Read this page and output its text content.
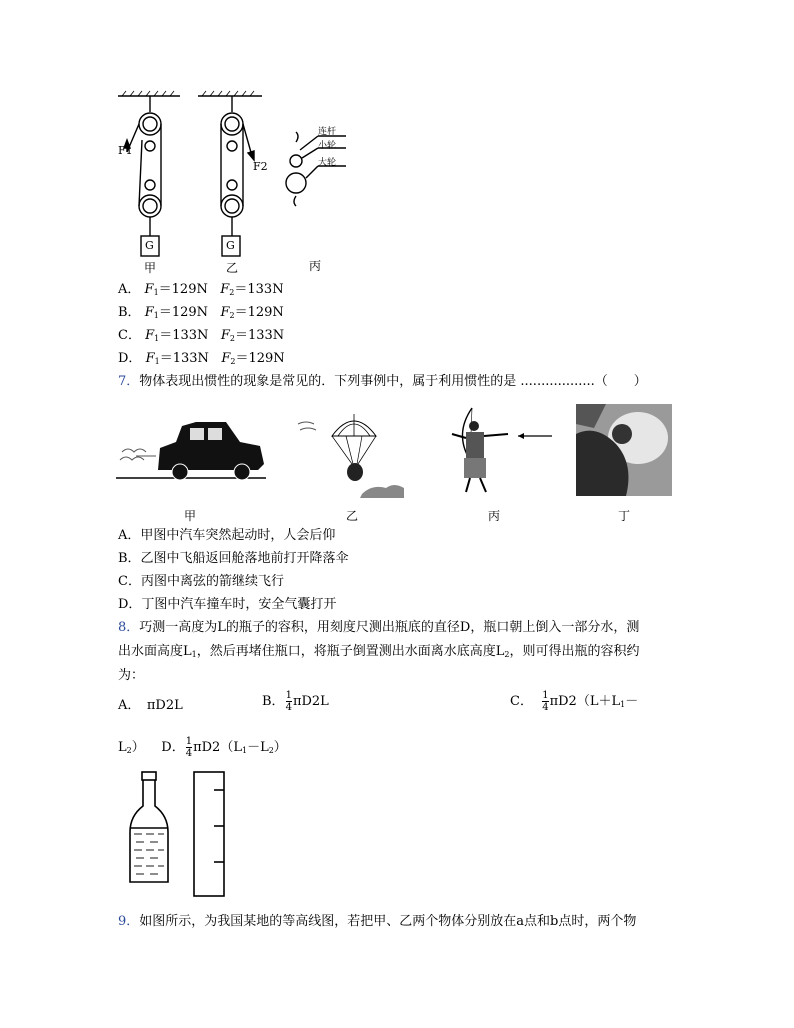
F1
F2
G	G
甲	乙	丙
连杆
小轮
大轮
A． $F_1=129N$ $F_2=133N$
B． $F_1=129N$ $F_2=129N$
C． $F_1=133N$ $F_2=133N$
D． $F_1=133N$ $F_2=129N$
7．物体表现出惯性的现象是常见的．下列事例中，属于利用惯性的是 ..................（　　）
甲	乙	丙	丁
A．甲图中汽车突然起动时，人会后仰
B．乙图中飞船返回舱落地前打开降落伞
C．丙图中离弦的箭继续飞行
D．丁图中汽车撞车时，安全气囊打开
8．巧测一高度为L的瓶子的容积，用刻度尺测出瓶底的直径D，瓶口朝上倒入一部分水，测
出水面高度$L_1$，然后再堵住瓶口，将瓶子倒置测出水面离水底高度$L_2$，则可得出瓶的容积约
为：
A．　πD2L	B． $\frac{1}{4} \pi D2L$	C． $\frac{1}{4} \pi D2(L+L_1-$
$L_2$） D． $\frac{1}{4} \pi D2(L_1-L_2)$
9．如图所示，为我国某地的等高线图，若把甲、乙两个物体分别放在a点和b点时，两个物
